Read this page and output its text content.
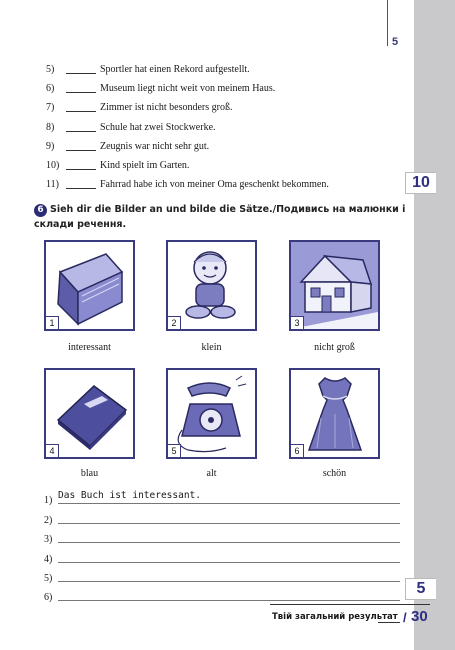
5
5)	Sportler hat einen Rekord aufgestellt.
6)	Museum liegt nicht weit von meinem Haus.
7)	Zimmer ist nicht besonders groß.
8)	Schule hat zwei Stockwerke.
9)	Zeugnis war nicht sehr gut.
10)	Kind spielt im Garten.
11)	Fahrrad habe ich von meiner Oma geschenkt bekommen.	10
6 Sieh dir die Bilder an und bilde die Sätze./Подивись на малюнки і склади речення.
1
interessant
2
klein
3
nicht groß
4
blau
5
alt
6
schön
1) Das Buch ist interessant.
2)
3)
4)
5)
6)
5
Твій загальний результат / 30
